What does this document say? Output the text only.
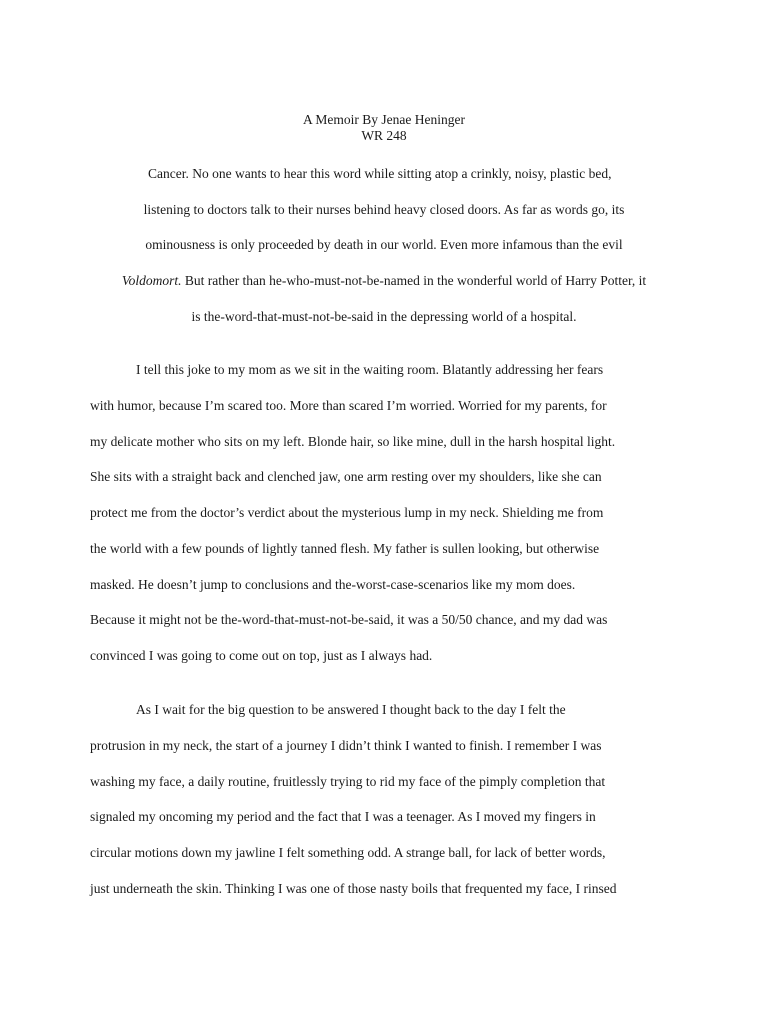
A Memoir By Jenae Heninger
WR 248
Cancer. No one wants to hear this word while sitting atop a crinkly, noisy, plastic bed,
listening to doctors talk to their nurses behind heavy closed doors. As far as words go, its
ominousness is only proceeded by death in our world. Even more infamous than the evil
Voldomort. But rather than he-who-must-not-be-named in the wonderful world of Harry Potter, it
is the-word-that-must-not-be-said in the depressing world of a hospital.
I tell this joke to my mom as we sit in the waiting room. Blatantly addressing her fears
with humor, because I’m scared too. More than scared I’m worried. Worried for my parents, for
my delicate mother who sits on my left. Blonde hair, so like mine, dull in the harsh hospital light.
She sits with a straight back and clenched jaw, one arm resting over my shoulders, like she can
protect me from the doctor’s verdict about the mysterious lump in my neck. Shielding me from
the world with a few pounds of lightly tanned flesh. My father is sullen looking, but otherwise
masked. He doesn’t jump to conclusions and the-worst-case-scenarios like my mom does.
Because it might not be the-word-that-must-not-be-said, it was a 50/50 chance, and my dad was
convinced I was going to come out on top, just as I always had.
As I wait for the big question to be answered I thought back to the day I felt the
protrusion in my neck, the start of a journey I didn’t think I wanted to finish. I remember I was
washing my face, a daily routine, fruitlessly trying to rid my face of the pimply completion that
signaled my oncoming my period and the fact that I was a teenager. As I moved my fingers in
circular motions down my jawline I felt something odd. A strange ball, for lack of better words,
just underneath the skin. Thinking I was one of those nasty boils that frequented my face, I rinsed
